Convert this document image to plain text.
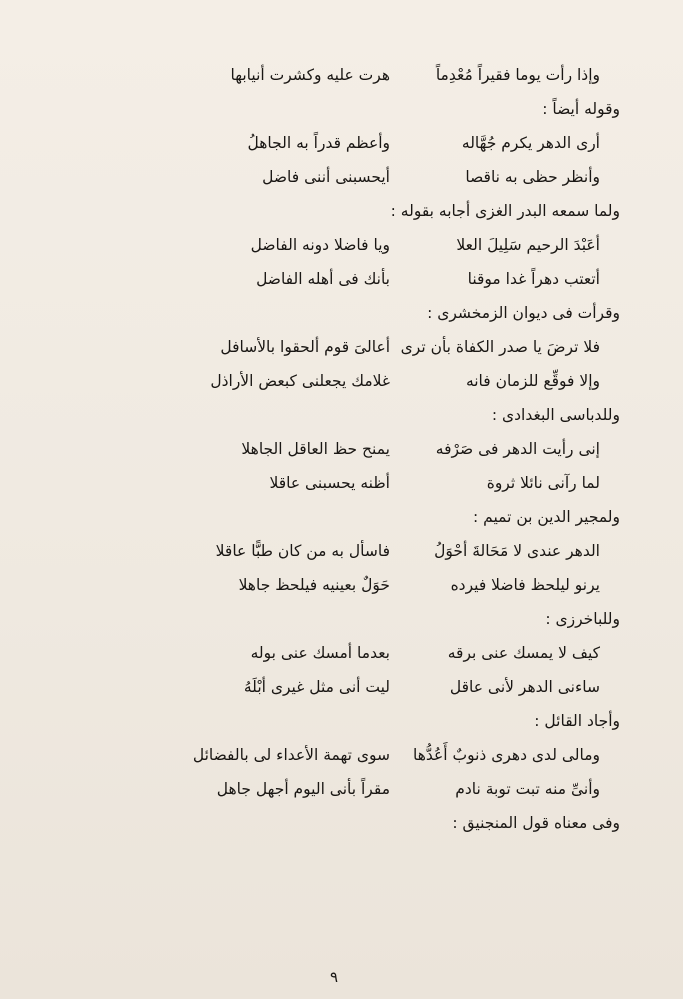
وإذا رأت يوما فقيراً مُعْدِماً
هرت عليه وكشرت أنيابها
وقوله أيضاً :
أرى الدهر يكرم جُهَّاله
وأعظم قدراً به الجاهلُ
وأنظر حظى به ناقصا
أيحسبنى أننى فاضل
ولما سمعه البدر الغزى أجابه بقوله :
أعَبْدَ الرحيم سَلِيلَ العلا
ويا فاضلا دونه الفاضل
أتعتب دهراً غدا موقنا
بأنك فى أهله الفاضل
وقرأت فى ديوان الزمخشرى :
فلا ترضَ يا صدر الكفاة بأن ترى
أعالىَ قوم ألحقوا بالأسافل
وإلا فوقِّع للزمان فانه
غلامك يجعلنى كبعض الأراذل
وللدباسى البغدادى :
إنى رأيت الدهر فى صَرْفه
يمنح حظ العاقل الجاهلا
لما رآنى نائلا ثروة
أظنه يحسبنى عاقلا
ولمجير الدين بن تميم :
الدهر عندى لا مَحَالةَ أحْوَلُ
فاسأل به من كان طبًّا عاقلا
يرنو ليلحظ فاضلا فيرده
حَوَلٌ بعينيه فيلحظ جاهلا
وللباخرزى :
كيف لا يمسك عنى برقه
بعدما أمسك عنى بوله
ساءنى الدهر لأنى عاقل
ليت أنى مثل غيرى أبْلَهُ
وأجاد القائل :
ومالى لدى دهرى ذنوبٌ أَعُدُّها
سوى تهمة الأعداء لى بالفضائل
وأنىِّ منه تبت توبة نادم
مقراً بأنى اليوم أجهل جاهل
وفى معناه قول المنجنيق :
٩
